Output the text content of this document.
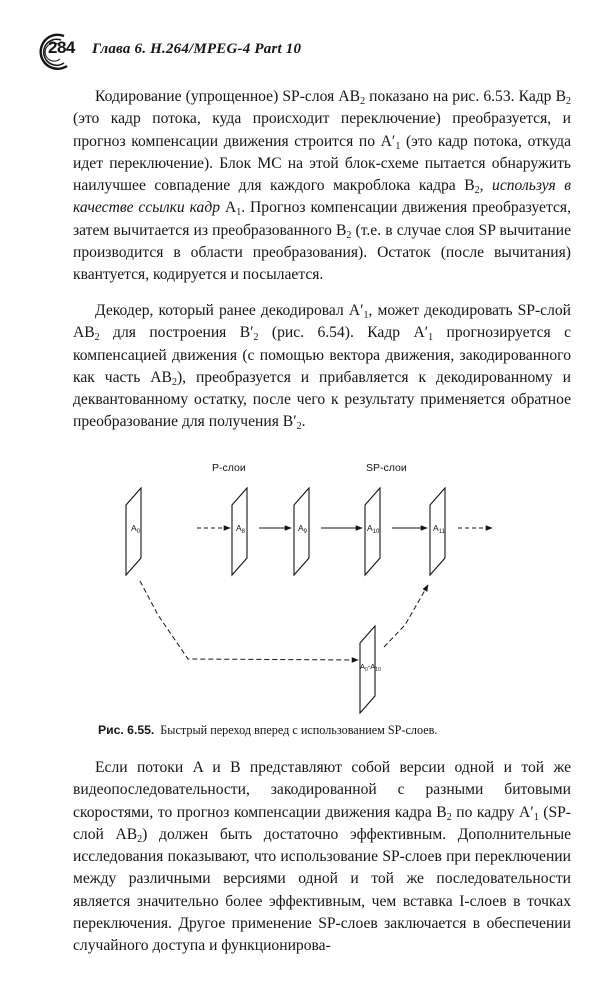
284 Глава 6. H.264/MPEG-4 Part 10

Кодирование (упрощенное) SP-слоя $AB_2$ показано на рис. 6.53. Кадр $B_2$ (это кадр потока, куда происходит переключение) преобразуется, и прогноз компенсации движения строится по $A'_1$ (это кадр потока, откуда идет переключение). Блок МС на этой блок-схеме пытается обнаружить наилучшее совпадение для каждого макроблока кадра $B_2$, используя в качестве ссылки кадр $A_1$. Прогноз компенсации движения преобразуется, затем вычитается из преобразованного $B_2$ (т.е. в случае слоя SP вычитание производится в области преобразования). Остаток (после вычитания) квантуется, кодируется и посылается.

Декодер, который ранее декодировал $A'_1$, может декодировать SP-слой $AB_2$ для построения $B'_2$ (рис. 6.54). Кадр $A'_1$ прогнозируется с компенсацией движения (с помощью вектора движения, закодированного как часть $AB_2$), преобразуется и прибавляется к декодированному и деквантованному остатку, после чего к результату применяется обратное преобразование для получения $B'_2$.

P-слои	SP-слои
$A_0$	$A_8$	$A_9$	$A_{10}$	$A_{11}$
$A_0-A_{10}$
Рис. 6.55. Быстрый переход вперед с использованием SP-слоев.

Если потоки A и B представляют собой версии одной и той же видеопоследовательности, закодированной с разными битовыми скоростями, то прогноз компенсации движения кадра $B_2$ по кадру $A'_1$ (SP-слой $AB_2$) должен быть достаточно эффективным. Дополнительные исследования показывают, что использование SP-слоев при переключении между различными версиями одной и той же последовательности является значительно более эффективным, чем вставка I-слоев в точках переключения. Другое применение SP-слоев заключается в обеспечении случайного доступа и функционирова-
